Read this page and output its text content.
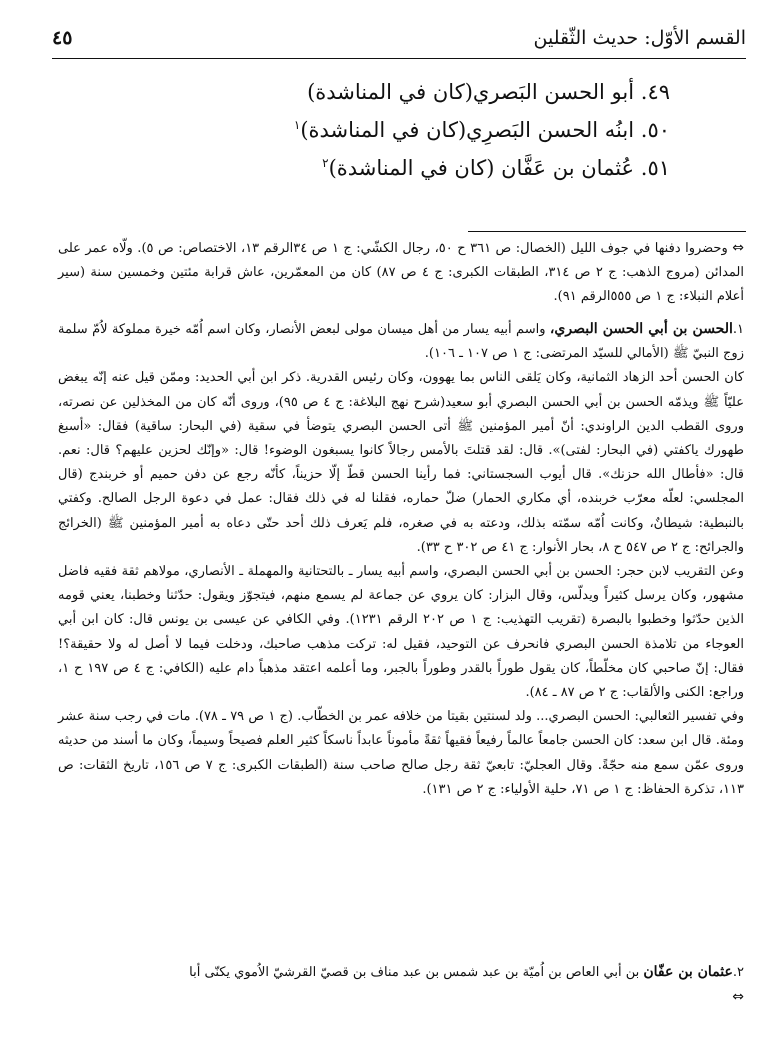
القسم الأوّل: حديث الثّقلين
٤٥
٤٩. أبو الحسن البَصري(كان في المناشدة)
٥٠. ابنُه الحسن البَصرِي(كان في المناشدة)$^١$
٥١. عُثمان بن عَفَّان (كان في المناشدة)$^٢$

⇔ وحضروا دفنها في جوف الليل (الخصال: ص ٣٦١ ح ٥٠، رجال الكشّي: ج ١ ص ٣٤الرقم ١٣، الاختصاص: ص ٥). ولّاه عمر على المدائن (مروج الذهب: ج ٢ ص ٣١٤، الطبقات الكبرى: ج ٤ ص ٨٧) كان من المعمّرين، عاش قرابة مئتين وخمسين سنة (سير أعلام النبلاء: ج ١ ص ٥٥٥الرقم ٩١).

١.الحسن بن أبي الحسن البصري، واسم أبيه يسار من أهل ميسان مولى لبعض الأنصار، وكان اسم اُمّه خيرة مملوكة لاُمّ سلمة زوج النبيّ ﷺ (الأمالي للسيّد المرتضى: ج ١ ص ١٠٧ ـ ١٠٦).

كان الحسن أحد الزهاد الثمانية، وكان يَلقى الناس بما يهوون، وكان رئيس القدرية. ذكر ابن أبي الحديد: وممّن قيل عنه إنّه يبغض عليّاً ﷺ ويذمّه الحسن بن أبي الحسن البصري أبو سعيد(شرح نهج البلاغة: ج ٤ ص ٩٥)، وروى أنّه كان من المخذلين عن نصرته، وروى القطب الدين الراوندي: أنّ أمير المؤمنين ﷺ أتى الحسن البصري يتوضأ في سقية (في البحار: ساقية) فقال: «أسبغ طهورك ياكفتي (في البحار: لفتى)». قال: لقد قتلتَ بالأمس رجالاً كانوا يسبغون الوضوء! قال: «وإنّك لحزين عليهم؟ قال: نعم. قال: «فأطال الله حزنك». قال أيوب السجستاني: فما رأينا الحسن قطّ إلّا حزيناً، كأنّه رجع عن دفن حميم أو خربندج (قال المجلسي: لعلّه معرّب خربنده، أي مكاري الحمار) ضلّ حماره، فقلنا له في ذلك فقال: عمل في دعوة الرجل الصالح. وكفتي بالنبطية: شيطانٌ، وكانت اُمّه سمّته بذلك، ودعته به في صغره، فلم يَعرف ذلك أحد حتّى دعاه به أمير المؤمنين ﷺ (الخرائج والجرائح: ج ٢ ص ٥٤٧ ح ٨، بحار الأنوار: ج ٤١ ص ٣٠٢ ح ٣٣).

وعن التقريب لابن حجر: الحسن بن أبي الحسن البصري، واسم أبيه يسار ـ بالتحتانية والمهملة ـ الأنصاري، مولاهم ثقة فقيه فاضل مشهور، وكان يرسل كثيراً ويدلّس، وقال البزار: كان يروي عن جماعة لم يسمع منهم، فيتجوّز ويقول: حدّثنا وخطبنا، يعني قومه الذين حدّثوا وخطبوا بالبصرة (تقريب التهذيب: ج ١ ص ٢٠٢ الرقم ١٢٣١). وفي الكافي عن عيسى بن يونس قال: كان ابن أبي العوجاء من تلامذة الحسن البصري فانحرف عن التوحيد، فقيل له: تركت مذهب صاحبك، ودخلت فيما لا أصل له ولا حقيقة؟! فقال: إنّ صاحبي كان مخلّطاً، كان يقول طوراً بالقدر وطوراً بالجبر، وما أعلمه اعتقد مذهباً دام عليه (الكافي: ج ٤ ص ١٩٧ ح ١، وراجع: الكنى والألقاب: ج ٢ ص ٨٧ ـ ٨٤).

وفي تفسير الثعالبي: الحسن البصري... ولد لسنتين بقيتا من خلافه عمر بن الخطّاب. (ج ١ ص ٧٩ ـ ٧٨). مات في رجب سنة عشر ومئة. قال ابن سعد: كان الحسن جامعاً عالماً رفيعاً فقيهاً ثقةً مأموناً عابداً ناسكاً كثير العلم فصيحاً وسيماً، وكان ما أسند من حديثه وروى عمّن سمع منه حجّةً. وقال العجليّ: تابعيّ ثقة رجل صالح صاحب سنة (الطبقات الكبرى: ج ٧ ص ١٥٦، تاريخ الثقات: ص ١١٣، تذكرة الحفاظ: ج ١ ص ٧١، حلية الأولياء: ج ٢ ص ١٣١).

٢.عثمان بن عفّان بن أبي العاص بن اُميّة بن عبد شمس بن عبد مناف بن قصيّ القرشيّ الاُموي يكنّى أبا

⇔
